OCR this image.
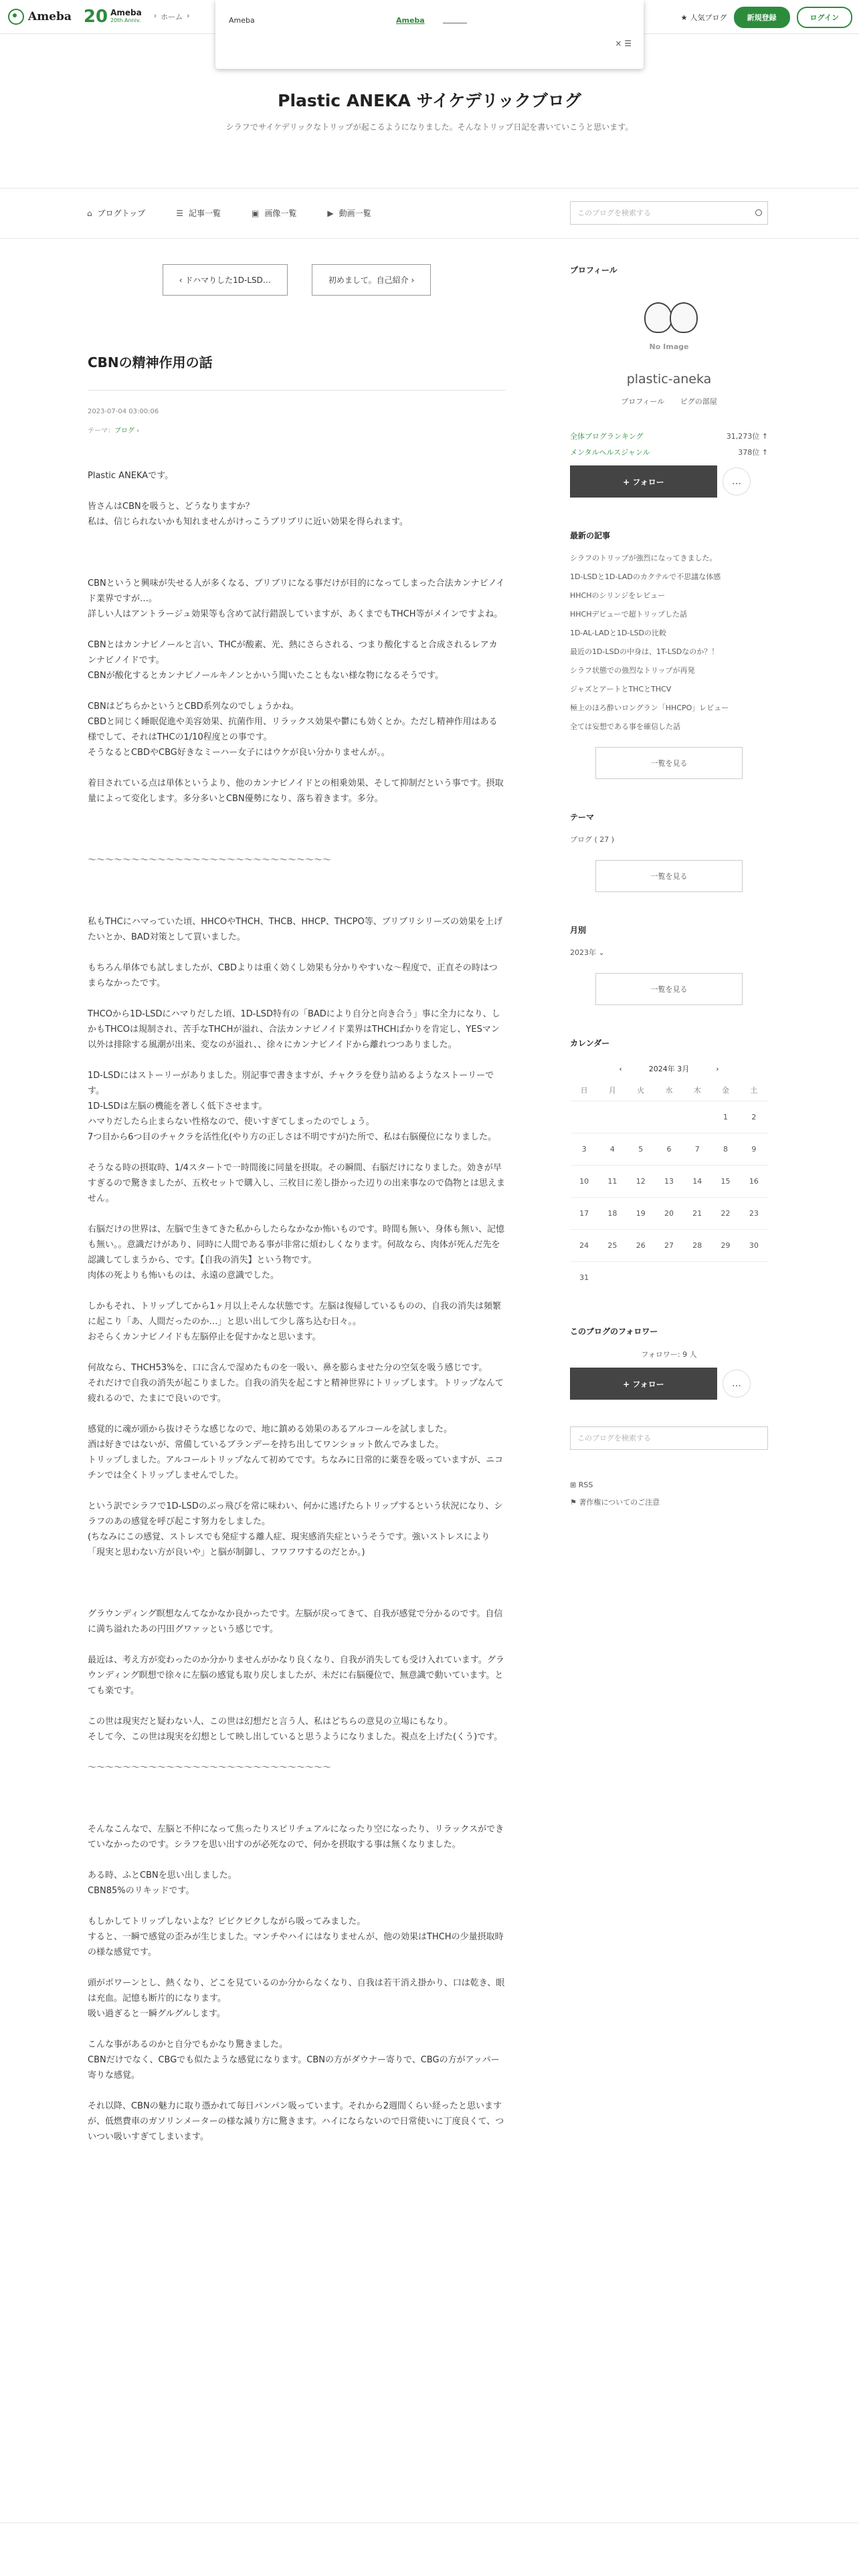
Ameba 20 Ameba
20th Anniv.
› ホーム ›	★ 人気ブログ	新規登録	ログイン
Ameba	Ameba
× ☰
Plastic ANEKA サイケデリックブログ

シラフでサイケデリックなトリップが起こるようになりました。そんなトリップ日記を書いていこうと思います。

⌂ ブログトップ	☰ 記事一覧	▣ 画像一覧	▶ 動画一覧	このブログを検索する
‹ ドハマりした1D-LSD…	初めまして。自己紹介 ›
CBNの精神作用の話
2023-07-04 03:00:06
テーマ：ブログ ›

Plastic ANEKAです。

皆さんはCBNを吸うと、どうなりますか？
私は、信じられないかも知れませんがけっこうブリブリに近い効果を得られます。

CBNというと興味が失せる人が多くなる、ブリブリになる事だけが目的になってしまった合法カンナビノイド業界ですが…。
詳しい人はアントラージュ効果等も含めて試行錯誤していますが、あくまでもTHCH等がメインですよね。

CBNとはカンナビノールと言い、THCが酸素、光、熱にさらされる、つまり酸化すると合成されるレアカンナビノイドです。
CBNが酸化するとカンナビノールキノンとかいう聞いたこともない様な物になるそうです。

CBNはどちらかというとCBD系列なのでしょうかね。
CBDと同じく睡眠促進や美容効果、抗菌作用、リラックス効果や鬱にも効くとか。ただし精神作用はある様でして、それはTHCの1/10程度との事です。
そうなるとCBDやCBG好きなミーハー女子にはウケが良い分かりませんが。。

着目されている点は単体というより、他のカンナビノイドとの相乗効果、そして抑制だという事です。摂取量によって変化します。多分多いとCBN優勢になり、落ち着きます。多分。

〜〜〜〜〜〜〜〜〜〜〜〜〜〜〜〜〜〜〜〜〜〜〜〜〜〜〜〜

私もTHCにハマっていた頃、HHCOやTHCH、THCB、HHCP、THCPO等、ブリブリシリーズの効果を上げたいとか、BAD対策として買いました。

もちろん単体でも試しましたが、CBDよりは重く効くし効果も分かりやすいな〜程度で、正直その時はつまらなかったです。

THCOから1D-LSDにハマりだした頃、1D-LSD特有の「BADにより自分と向き合う」事に全力になり、しかもTHCOは規制され、苦手なTHCHが溢れ、合法カンナビノイド業界はTHCHばかりを肯定し、YESマン以外は排除する風潮が出来、変なのが溢れ、、徐々にカンナビノイドから離れつつありました。

1D-LSDにはストーリーがありました。別記事で書きますが、チャクラを登り詰めるようなストーリーです。
1D-LSDは左脳の機能を著しく低下させます。
ハマりだしたら止まらない性格なので、使いすぎてしまったのでしょう。
7つ目から6つ目のチャクラを活性化(やり方の正しさは不明ですが)た所で、私は右脳優位になりました。

そうなる時の摂取時、1/4スタートで一時間後に同量を摂取。その瞬間、右脳だけになりました。効きが早すぎるので驚きましたが、五枚セットで購入し、三枚目に差し掛かった辺りの出来事なので偽物とは思えません。

右脳だけの世界は、左脳で生きてきた私からしたらなかなか怖いものです。時間も無い、身体も無い、記憶も無い。。意識だけがあり、同時に人間である事が非常に煩わしくなります。何故なら、肉体が死んだ先を認識してしまうから、です。【自我の消失】という物です。
肉体の死よりも怖いものは、永遠の意識でした。

しかもそれ、トリップしてから1ヶ月以上そんな状態です。左脳は復帰しているものの、自我の消失は頻繁に起こり「あ、人間だったのか…」と思い出して少し落ち込む日々。。
おそらくカンナビノイドも左脳停止を促すかなと思います。

何故なら、THCH53%を、口に含んで湿めたものを一吸い、鼻を膨らませた分の空気を吸う感じです。
それだけで自我の消失が起こりました。自我の消失を起こすと精神世界にトリップします。トリップなんて疲れるので、たまにで良いのです。

感覚的に魂が頭から抜けそうな感じなので、地に鎮める効果のあるアルコールを試しました。
酒は好きではないが、常備しているブランデーを持ち出してワンショット飲んでみました。
トリップしました。アルコールトリップなんて初めてです。ちなみに日常的に薬巻を吸っていますが、ニコチンでは全くトリップしませんでした。

という訳でシラフで1D-LSDのぶっ飛びを常に味わい、何かに逃げたらトリップするという状況になり、シラフのあの感覚を呼び起こす努力をしました。
(ちなみにこの感覚、ストレスでも発症する離人症、現実感消失症というそうです。強いストレスにより「現実と思わない方が良いや」と脳が制御し、フワフワするのだとか。)

グラウンディング瞑想なんてなかなか良かったです。左脳が戻ってきて、自我が感覚で分かるのです。自信に満ち溢れたあの円田グワァッという感じです。

最近は、考え方が変わったのか分かりませんがかなり良くなり、自我が消失しても受け入れています。グラウンディング瞑想で徐々に左脳の感覚も取り戻しましたが、未だに右脳優位で、無意識で動いています。とても楽です。

この世は現実だと疑わない人、この世は幻想だと言う人、私はどちらの意見の立場にもなり。
そして今、この世は現実を幻想として映し出していると思うようになりました。視点を上げた(くう)です。

〜〜〜〜〜〜〜〜〜〜〜〜〜〜〜〜〜〜〜〜〜〜〜〜〜〜〜〜

そんなこんなで、左脳と不仲になって焦ったりスピリチュアルになったり空になったり、リラックスができていなかったのです。シラフを思い出すのが必死なので、何かを摂取する事は無くなりました。

ある時、ふとCBNを思い出しました。
CBN85%のリキッドです。

もしかしてトリップしないよな？ビビクビクしながら吸ってみました。
すると、一瞬で感覚の歪みが生じました。マンチやハイにはなりませんが、他の効果はTHCHの少量摂取時の様な感覚です。

頭がポワーンとし、熱くなり、どこを見ているのか分からなくなり、自我は若干消え掛かり、口は乾き、眼は充血。記憶も断片的になります。
吸い過ぎると一瞬グルグルします。

こんな事があるのかと自分でもかなり驚きました。
CBNだけでなく、CBGでも似たような感覚になります。CBNの方がダウナー寄りで、CBGの方がアッパー寄りな感覚。

それ以降、CBNの魅力に取り憑かれて毎日パンパン吸っています。それから2週間くらい経ったと思いますが、低燃費車のガソリンメーターの様な減り方に驚きます。ハイにならないので日常使いに丁度良くて、ついつい吸いすぎてしまいます。

プロフィール
No Image
plastic-aneka
プロフィール ピグの部屋
全体ブログランキング	31,273位 ↑
メンタルヘルスジャンル	378位 ↑
+ フォロー	…
最新の記事
シラフのトリップが強烈になってきました。
1D-LSDと1D-LADのカクテルで不思議な体感
HHCHのシリンジをレビュー
HHCHデビューで超トリップした話
1D-AL-LADと1D-LSDの比較
最近の1D-LSDの中身は、1T-LSDなのか？！
シラフ状態での強烈なトリップが再発
ジャズとアートとTHCとTHCV
極上のほろ酔いロングラン「HHCPO」レビュー
全ては妄想である事を確信した話
一覧を見る
テーマ
ブログ ( 27 )
一覧を見る
月別
2023年 ⌄
一覧を見る
カレンダー
‹	2024年 3月	›
日	月	火	水	木	金	土
					1	2
3	4	5	6	7	8	9
10	11	12	13	14	15	16
17	18	19	20	21	22	23
24	25	26	27	28	29	30
31						
このブログのフォロワー
フォロワー: 9 人
+ フォロー	…
このブログを検索する
⊞ RSS
⚑ 著作権についてのご注意
